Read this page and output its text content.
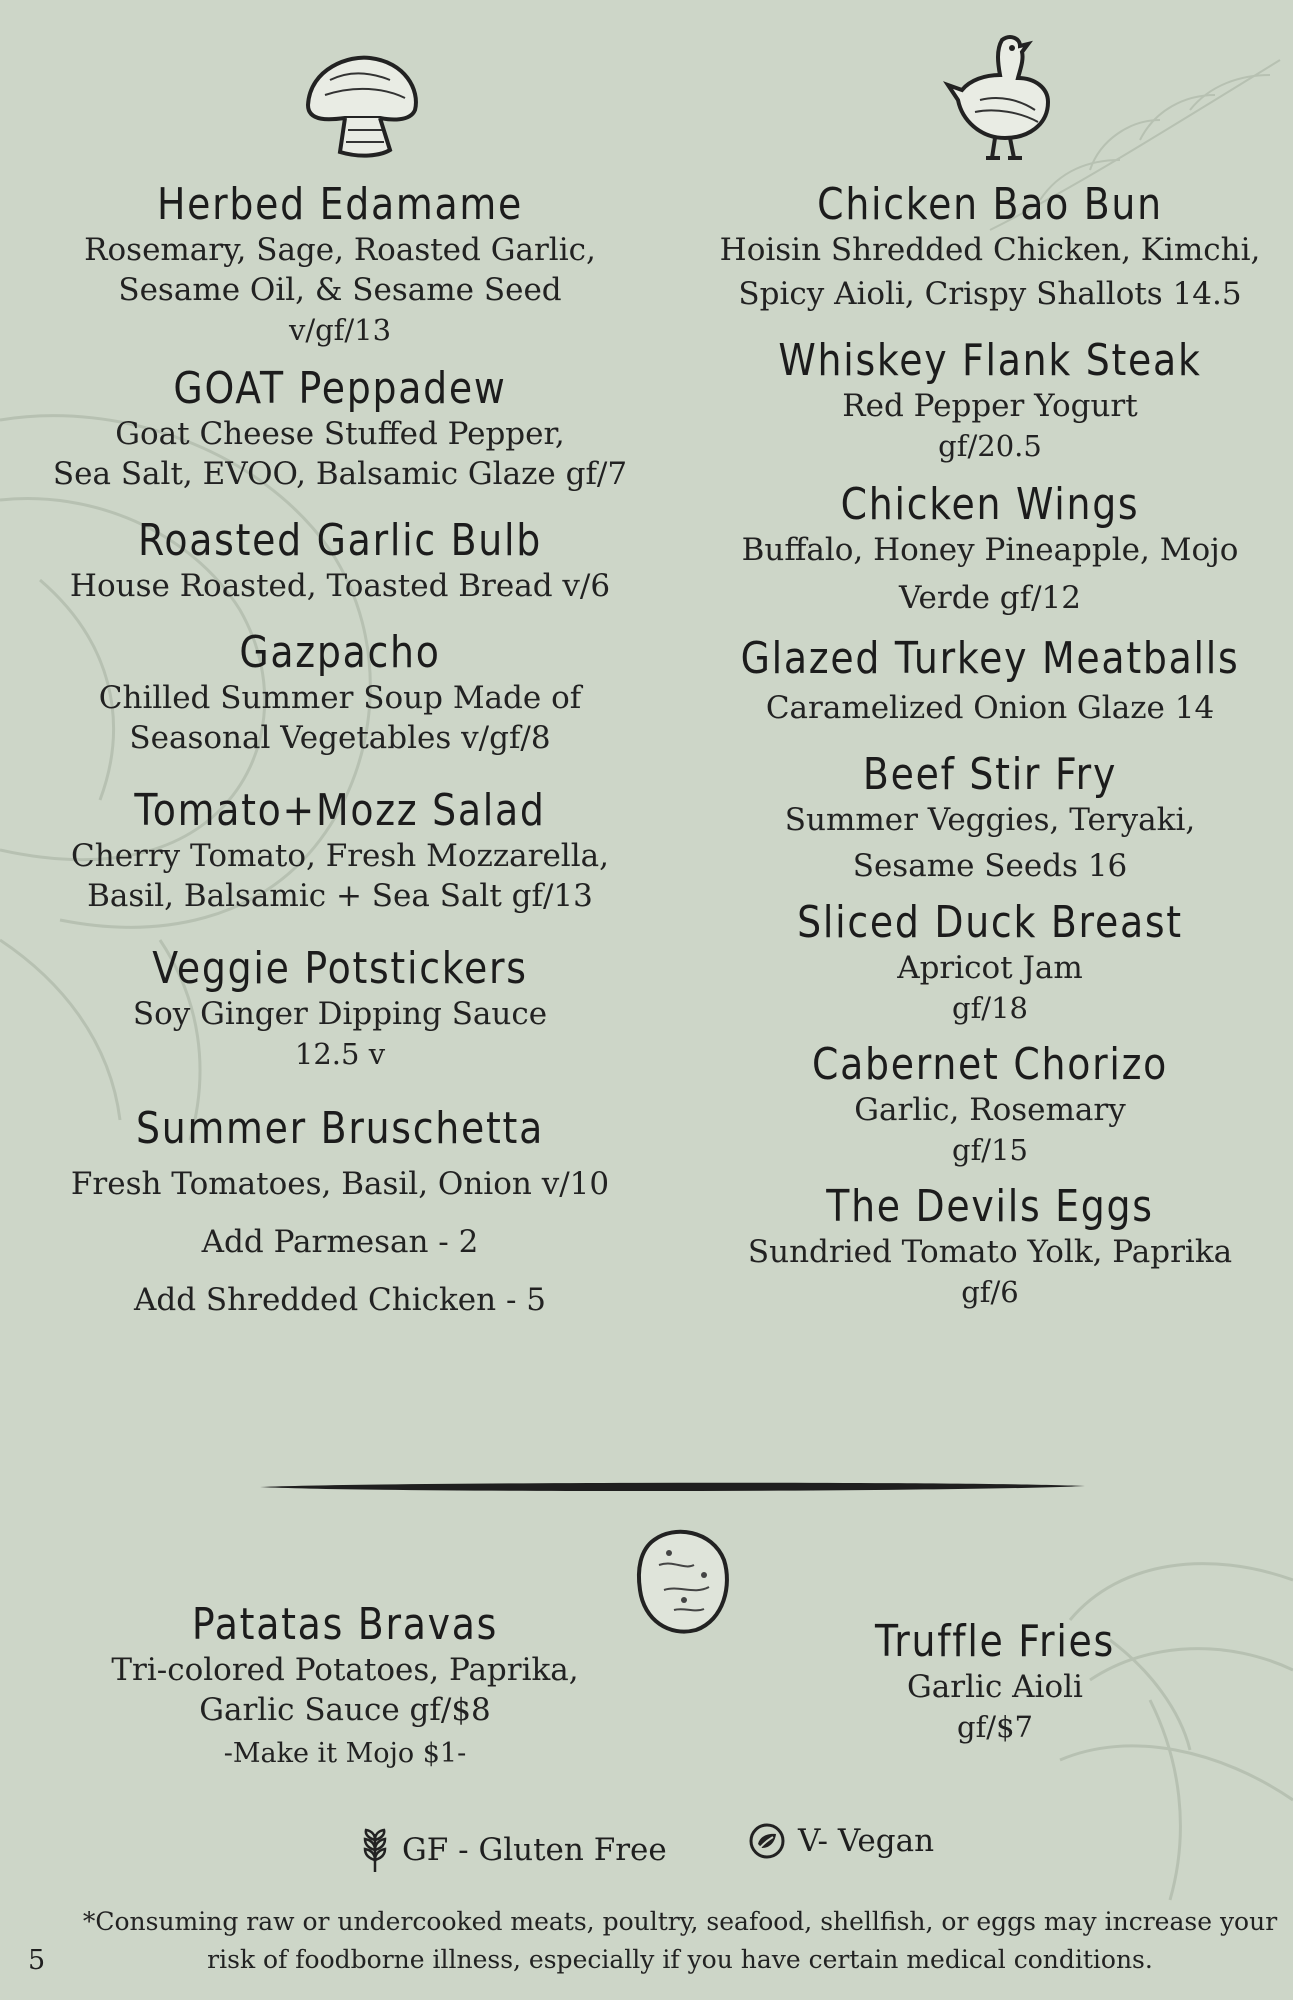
Herbed Edamame
Rosemary, Sage, Roasted Garlic,
Sesame Oil, & Sesame Seed
v/gf/13
GOAT Peppadew
Goat Cheese Stuffed Pepper,
Sea Salt, EVOO, Balsamic Glaze gf/7
Roasted Garlic Bulb
House Roasted, Toasted Bread v/6
Gazpacho
Chilled Summer Soup Made of
Seasonal Vegetables v/gf/8
Tomato+Mozz Salad
Cherry Tomato, Fresh Mozzarella,
Basil, Balsamic + Sea Salt gf/13
Veggie Potstickers
Soy Ginger Dipping Sauce
12.5 v
Summer Bruschetta
Fresh Tomatoes, Basil, Onion v/10
Add Parmesan - 2
Add Shredded Chicken - 5
Chicken Bao Bun
Hoisin Shredded Chicken, Kimchi,
Spicy Aioli, Crispy Shallots 14.5
Whiskey Flank Steak
Red Pepper Yogurt
gf/20.5
Chicken Wings
Buffalo, Honey Pineapple, Mojo
Verde gf/12
Glazed Turkey Meatballs
Caramelized Onion Glaze 14
Beef Stir Fry
Summer Veggies, Teryaki,
Sesame Seeds 16
Sliced Duck Breast
Apricot Jam
gf/18
Cabernet Chorizo
Garlic, Rosemary
gf/15
The Devils Eggs
Sundried Tomato Yolk, Paprika
gf/6
Patatas Bravas
Tri-colored Potatoes, Paprika,
Garlic Sauce gf/$8
-Make it Mojo $1-
Truffle Fries
Garlic Aioli
gf/$7
GF - Gluten Free	V- Vegan
*Consuming raw or undercooked meats, poultry, seafood, shellfish, or eggs may increase your
risk of foodborne illness, especially if you have certain medical conditions.
5
